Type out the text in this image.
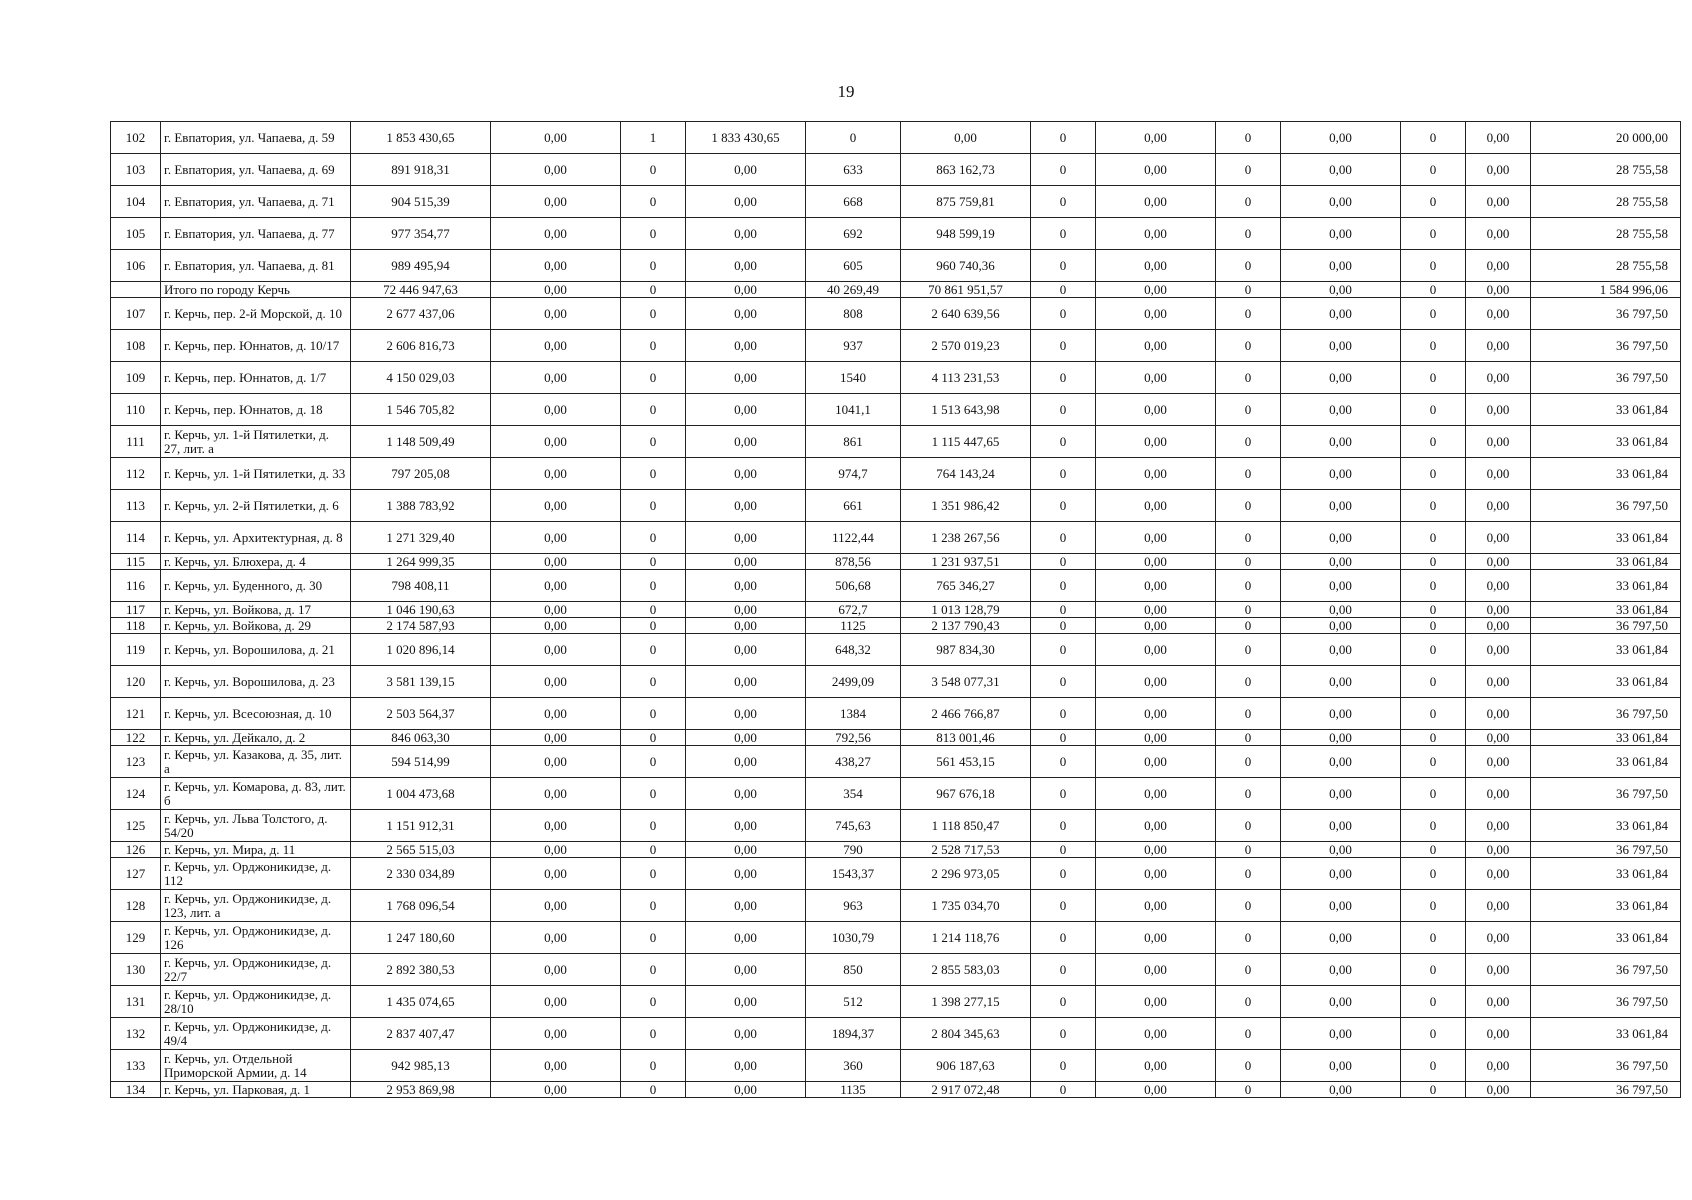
19
102	г. Евпатория, ул. Чапаева, д. 59	1 853 430,65	0,00	1	1 833 430,65	0	0,00	0	0,00	0	0,00	0	0,00	20 000,00
103	г. Евпатория, ул. Чапаева, д. 69	891 918,31	0,00	0	0,00	633	863 162,73	0	0,00	0	0,00	0	0,00	28 755,58
104	г. Евпатория, ул. Чапаева, д. 71	904 515,39	0,00	0	0,00	668	875 759,81	0	0,00	0	0,00	0	0,00	28 755,58
105	г. Евпатория, ул. Чапаева, д. 77	977 354,77	0,00	0	0,00	692	948 599,19	0	0,00	0	0,00	0	0,00	28 755,58
106	г. Евпатория, ул. Чапаева, д. 81	989 495,94	0,00	0	0,00	605	960 740,36	0	0,00	0	0,00	0	0,00	28 755,58
	Итого по городу Керчь	72 446 947,63	0,00	0	0,00	40 269,49	70 861 951,57	0	0,00	0	0,00	0	0,00	1 584 996,06
107	г. Керчь, пер. 2-й Морской, д. 10	2 677 437,06	0,00	0	0,00	808	2 640 639,56	0	0,00	0	0,00	0	0,00	36 797,50
108	г. Керчь, пер. Юннатов, д. 10/17	2 606 816,73	0,00	0	0,00	937	2 570 019,23	0	0,00	0	0,00	0	0,00	36 797,50
109	г. Керчь, пер. Юннатов, д. 1/7	4 150 029,03	0,00	0	0,00	1540	4 113 231,53	0	0,00	0	0,00	0	0,00	36 797,50
110	г. Керчь, пер. Юннатов, д. 18	1 546 705,82	0,00	0	0,00	1041,1	1 513 643,98	0	0,00	0	0,00	0	0,00	33 061,84
111	г. Керчь, ул. 1-й Пятилетки, д. 27, лит. а	1 148 509,49	0,00	0	0,00	861	1 115 447,65	0	0,00	0	0,00	0	0,00	33 061,84
112	г. Керчь, ул. 1-й Пятилетки, д. 33	797 205,08	0,00	0	0,00	974,7	764 143,24	0	0,00	0	0,00	0	0,00	33 061,84
113	г. Керчь, ул. 2-й Пятилетки, д. 6	1 388 783,92	0,00	0	0,00	661	1 351 986,42	0	0,00	0	0,00	0	0,00	36 797,50
114	г. Керчь, ул. Архитектурная, д. 8	1 271 329,40	0,00	0	0,00	1122,44	1 238 267,56	0	0,00	0	0,00	0	0,00	33 061,84
115	г. Керчь, ул. Блюхера, д. 4	1 264 999,35	0,00	0	0,00	878,56	1 231 937,51	0	0,00	0	0,00	0	0,00	33 061,84
116	г. Керчь, ул. Буденного, д. 30	798 408,11	0,00	0	0,00	506,68	765 346,27	0	0,00	0	0,00	0	0,00	33 061,84
117	г. Керчь, ул. Войкова, д. 17	1 046 190,63	0,00	0	0,00	672,7	1 013 128,79	0	0,00	0	0,00	0	0,00	33 061,84
118	г. Керчь, ул. Войкова, д. 29	2 174 587,93	0,00	0	0,00	1125	2 137 790,43	0	0,00	0	0,00	0	0,00	36 797,50
119	г. Керчь, ул. Ворошилова, д. 21	1 020 896,14	0,00	0	0,00	648,32	987 834,30	0	0,00	0	0,00	0	0,00	33 061,84
120	г. Керчь, ул. Ворошилова, д. 23	3 581 139,15	0,00	0	0,00	2499,09	3 548 077,31	0	0,00	0	0,00	0	0,00	33 061,84
121	г. Керчь, ул. Всесоюзная, д. 10	2 503 564,37	0,00	0	0,00	1384	2 466 766,87	0	0,00	0	0,00	0	0,00	36 797,50
122	г. Керчь, ул. Дейкало, д. 2	846 063,30	0,00	0	0,00	792,56	813 001,46	0	0,00	0	0,00	0	0,00	33 061,84
123	г. Керчь, ул. Казакова, д. 35, лит. а	594 514,99	0,00	0	0,00	438,27	561 453,15	0	0,00	0	0,00	0	0,00	33 061,84
124	г. Керчь, ул. Комарова, д. 83, лит. б	1 004 473,68	0,00	0	0,00	354	967 676,18	0	0,00	0	0,00	0	0,00	36 797,50
125	г. Керчь, ул. Льва Толстого, д. 54/20	1 151 912,31	0,00	0	0,00	745,63	1 118 850,47	0	0,00	0	0,00	0	0,00	33 061,84
126	г. Керчь, ул. Мира, д. 11	2 565 515,03	0,00	0	0,00	790	2 528 717,53	0	0,00	0	0,00	0	0,00	36 797,50
127	г. Керчь, ул. Орджоникидзе, д. 112	2 330 034,89	0,00	0	0,00	1543,37	2 296 973,05	0	0,00	0	0,00	0	0,00	33 061,84
128	г. Керчь, ул. Орджоникидзе, д. 123, лит. а	1 768 096,54	0,00	0	0,00	963	1 735 034,70	0	0,00	0	0,00	0	0,00	33 061,84
129	г. Керчь, ул. Орджоникидзе, д. 126	1 247 180,60	0,00	0	0,00	1030,79	1 214 118,76	0	0,00	0	0,00	0	0,00	33 061,84
130	г. Керчь, ул. Орджоникидзе, д. 22/7	2 892 380,53	0,00	0	0,00	850	2 855 583,03	0	0,00	0	0,00	0	0,00	36 797,50
131	г. Керчь, ул. Орджоникидзе, д. 28/10	1 435 074,65	0,00	0	0,00	512	1 398 277,15	0	0,00	0	0,00	0	0,00	36 797,50
132	г. Керчь, ул. Орджоникидзе, д. 49/4	2 837 407,47	0,00	0	0,00	1894,37	2 804 345,63	0	0,00	0	0,00	0	0,00	33 061,84
133	г. Керчь, ул. Отдельной Приморской Армии, д. 14	942 985,13	0,00	0	0,00	360	906 187,63	0	0,00	0	0,00	0	0,00	36 797,50
134	г. Керчь, ул. Парковая, д. 1	2 953 869,98	0,00	0	0,00	1135	2 917 072,48	0	0,00	0	0,00	0	0,00	36 797,50
